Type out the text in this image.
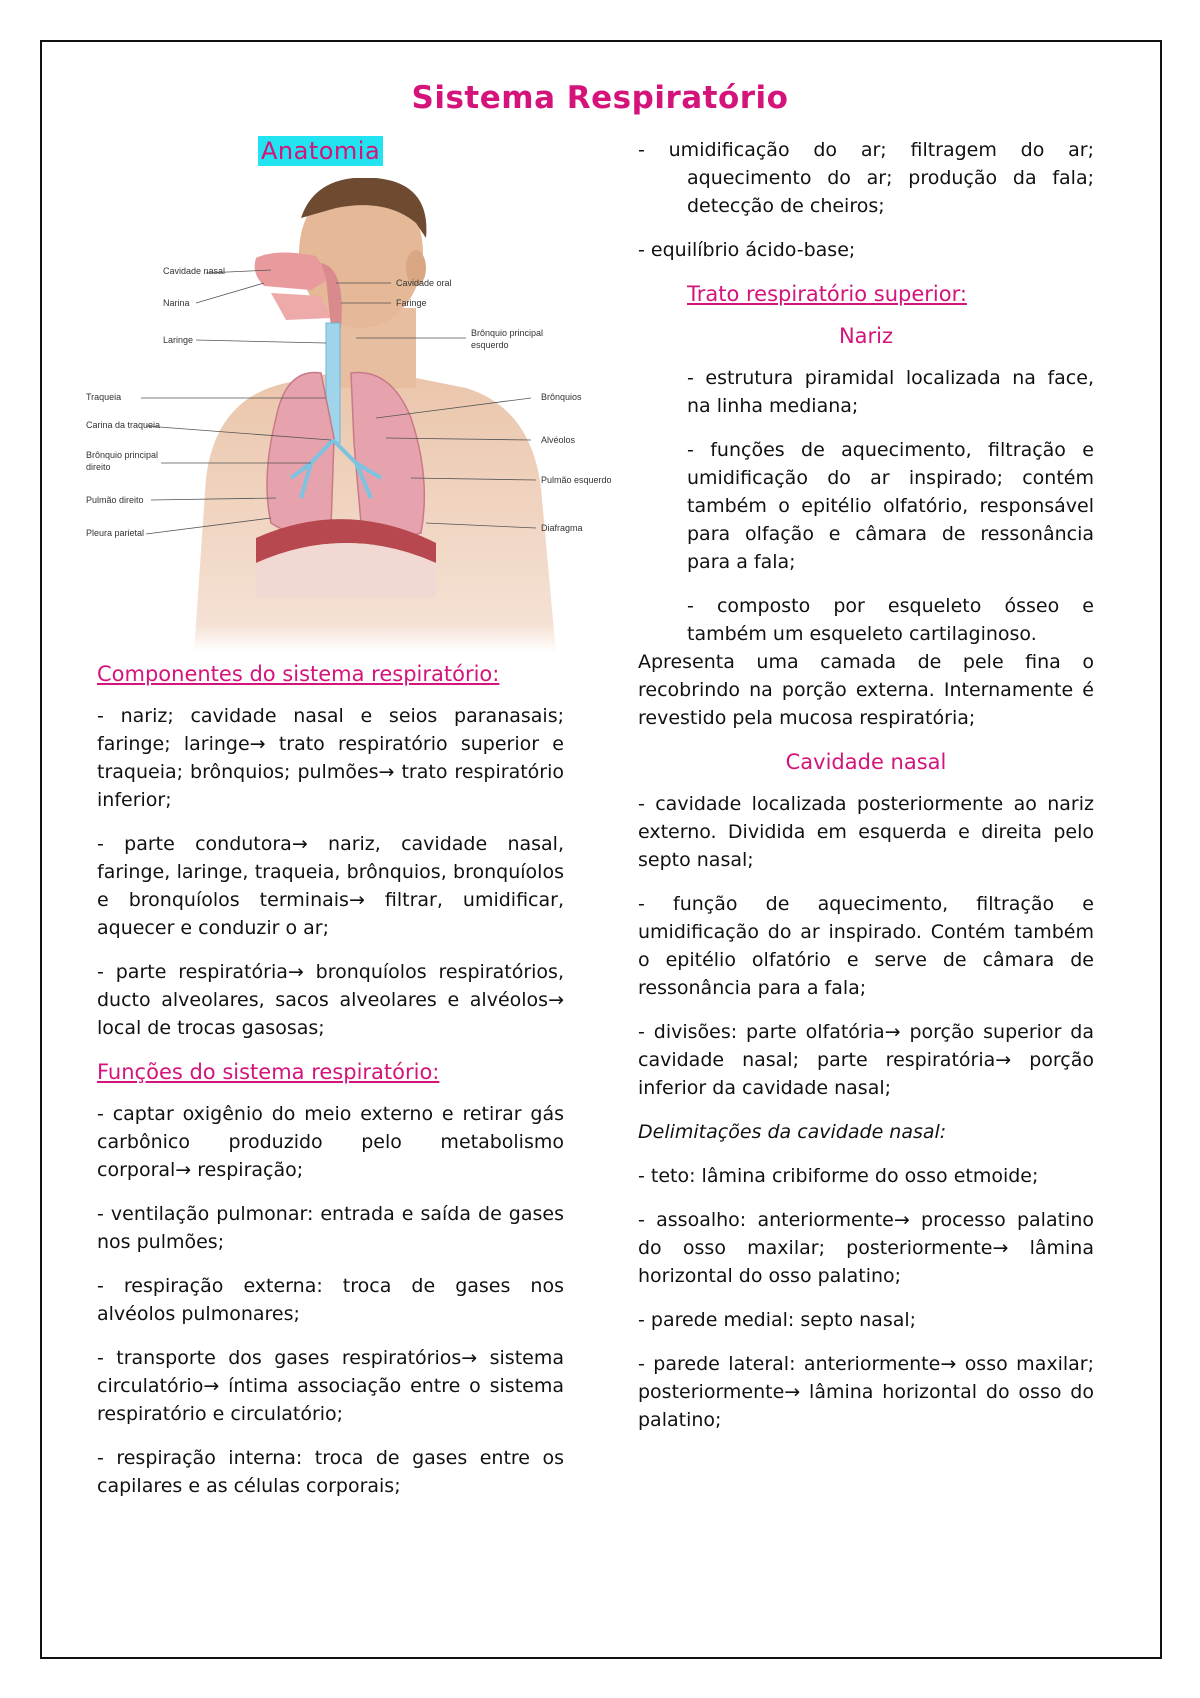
Sistema Respiratório
Anatomia
Cavidade nasal
Narina
Laringe
Traqueia
Carina da traqueia
Brônquio principal
direito
Pulmão direito
Pleura parietal
Cavidade oral
Faringe
Brônquio principal
esquerdo
Brônquios
Alvéolos
Pulmão esquerdo
Diafragma

Componentes do sistema respiratório:

- nariz; cavidade nasal e seios paranasais; faringe; laringe→ trato respiratório superior e traqueia; brônquios; pulmões→ trato respiratório inferior;

- parte condutora→ nariz, cavidade nasal, faringe, laringe, traqueia, brônquios, bronquíolos e bronquíolos terminais→ filtrar, umidificar, aquecer e conduzir o ar;

- parte respiratória→ bronquíolos respiratórios, ducto alveolares, sacos alveolares e alvéolos→ local de trocas gasosas;

Funções do sistema respiratório:

- captar oxigênio do meio externo e retirar gás carbônico produzido pelo metabolismo corporal→ respiração;

- ventilação pulmonar: entrada e saída de gases nos pulmões;

- respiração externa: troca de gases nos alvéolos pulmonares;

- transporte dos gases respiratórios→ sistema circulatório→ íntima associação entre o sistema respiratório e circulatório;

- respiração interna: troca de gases entre os capilares e as células corporais;

- umidificação do ar; filtragem do ar; aquecimento do ar; produção da fala; detecção de cheiros;

- equilíbrio ácido-base;

Trato respiratório superior:

Nariz

- estrutura piramidal localizada na face, na linha mediana;

- funções de aquecimento, filtração e umidificação do ar inspirado; contém também o epitélio olfatório, responsável para olfação e câmara de ressonância para a fala;

- composto por esqueleto ósseo e também um esqueleto cartilaginoso.

Apresenta uma camada de pele fina o recobrindo na porção externa. Internamente é revestido pela mucosa respiratória;

Cavidade nasal

- cavidade localizada posteriormente ao nariz externo. Dividida em esquerda e direita pelo septo nasal;

- função de aquecimento, filtração e umidificação do ar inspirado. Contém também o epitélio olfatório e serve de câmara de ressonância para a fala;

- divisões: parte olfatória→ porção superior da cavidade nasal; parte respiratória→ porção inferior da cavidade nasal;

Delimitações da cavidade nasal:

- teto: lâmina cribiforme do osso etmoide;

- assoalho: anteriormente→ processo palatino do osso maxilar; posteriormente→ lâmina horizontal do osso palatino;

- parede medial: septo nasal;

- parede lateral: anteriormente→ osso maxilar; posteriormente→ lâmina horizontal do osso do palatino;
